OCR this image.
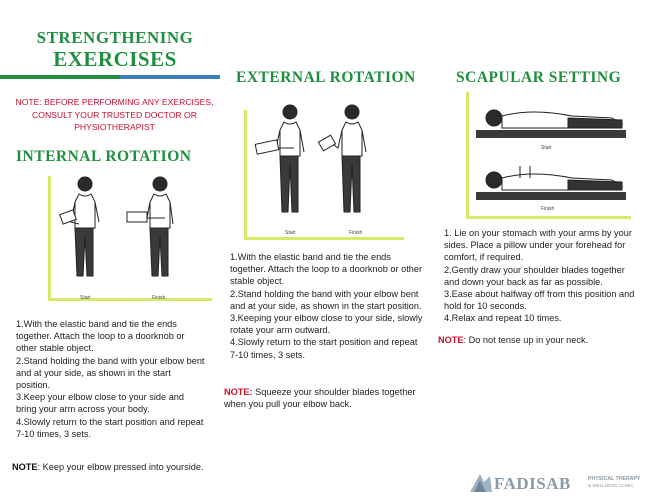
STRENGTHENING
EXERCISES
NOTE: BEFORE PERFORMING ANY EXERCISES, CONSULT YOUR TRUSTED DOCTOR OR PHYSIOTHERAPIST
INTERNAL ROTATION
Start	Finish
1.With the elastic band and tie the ends together. Attach the loop to a doorknob or other stable object.
2.Stand holding the band with your elbow bent and at your side, as shown in the start position.
3.Keep your elbow close to your side and bring your arm across your body.
4.Slowly return to the start position and repeat 7-10 times, 3 sets.
NOTE: Keep your elbow pressed into yourside.
EXTERNAL ROTATION
Start	Finish
1.With the elastic band and tie the ends together. Attach the loop to a doorknob or other stable object.
2.Stand holding the band with your elbow bent and at your side, as shown in the start position.
3.Keeping your elbow close to your side, slowly rotate your arm outward.
4.Slowly return to the start position and repeat 7-10 times, 3 sets.
NOTE: Squeeze your shoulder blades together when you pull your elbow back.
SCAPULAR SETTING
Start
Finish
1. Lie on your stomach with your arms by your sides. Place a pillow under your forehead for comfort, if required.
2.Gently draw your shoulder blades together and down your back as far as possible.
3.Ease about halfway off from this position and hold for 10 seconds.
4.Relax and repeat 10 times.
NOTE: Do not tense up in your neck.
FADISAB	PHYSICAL THERAPY
& WELLNESS CLINIC
